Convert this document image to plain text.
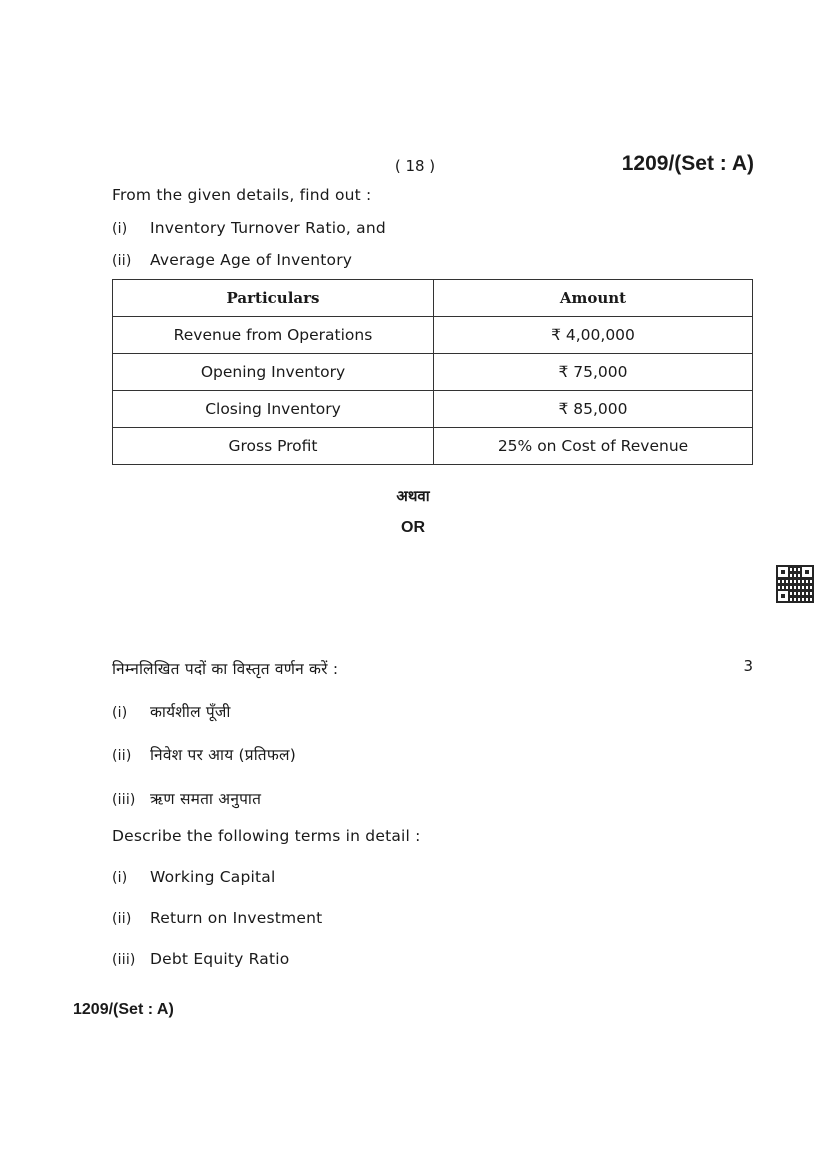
( 18 )	1209/(Set : A)
From the given details, find out :
(i) Inventory Turnover Ratio, and
(ii) Average Age of Inventory
Particulars	Amount
Revenue from Operations	₹ 4,00,000
Opening Inventory	₹ 75,000
Closing Inventory	₹ 85,000
Gross Profit	25% on Cost of Revenue
अथवा
OR
निम्नलिखित पदों का विस्तृत वर्णन करें :	3
(i) कार्यशील पूँजी
(ii) निवेश पर आय (प्रतिफल)
(iii) ऋण समता अनुपात
Describe the following terms in detail :
(i) Working Capital
(ii) Return on Investment
(iii) Debt Equity Ratio
1209/(Set : A)
